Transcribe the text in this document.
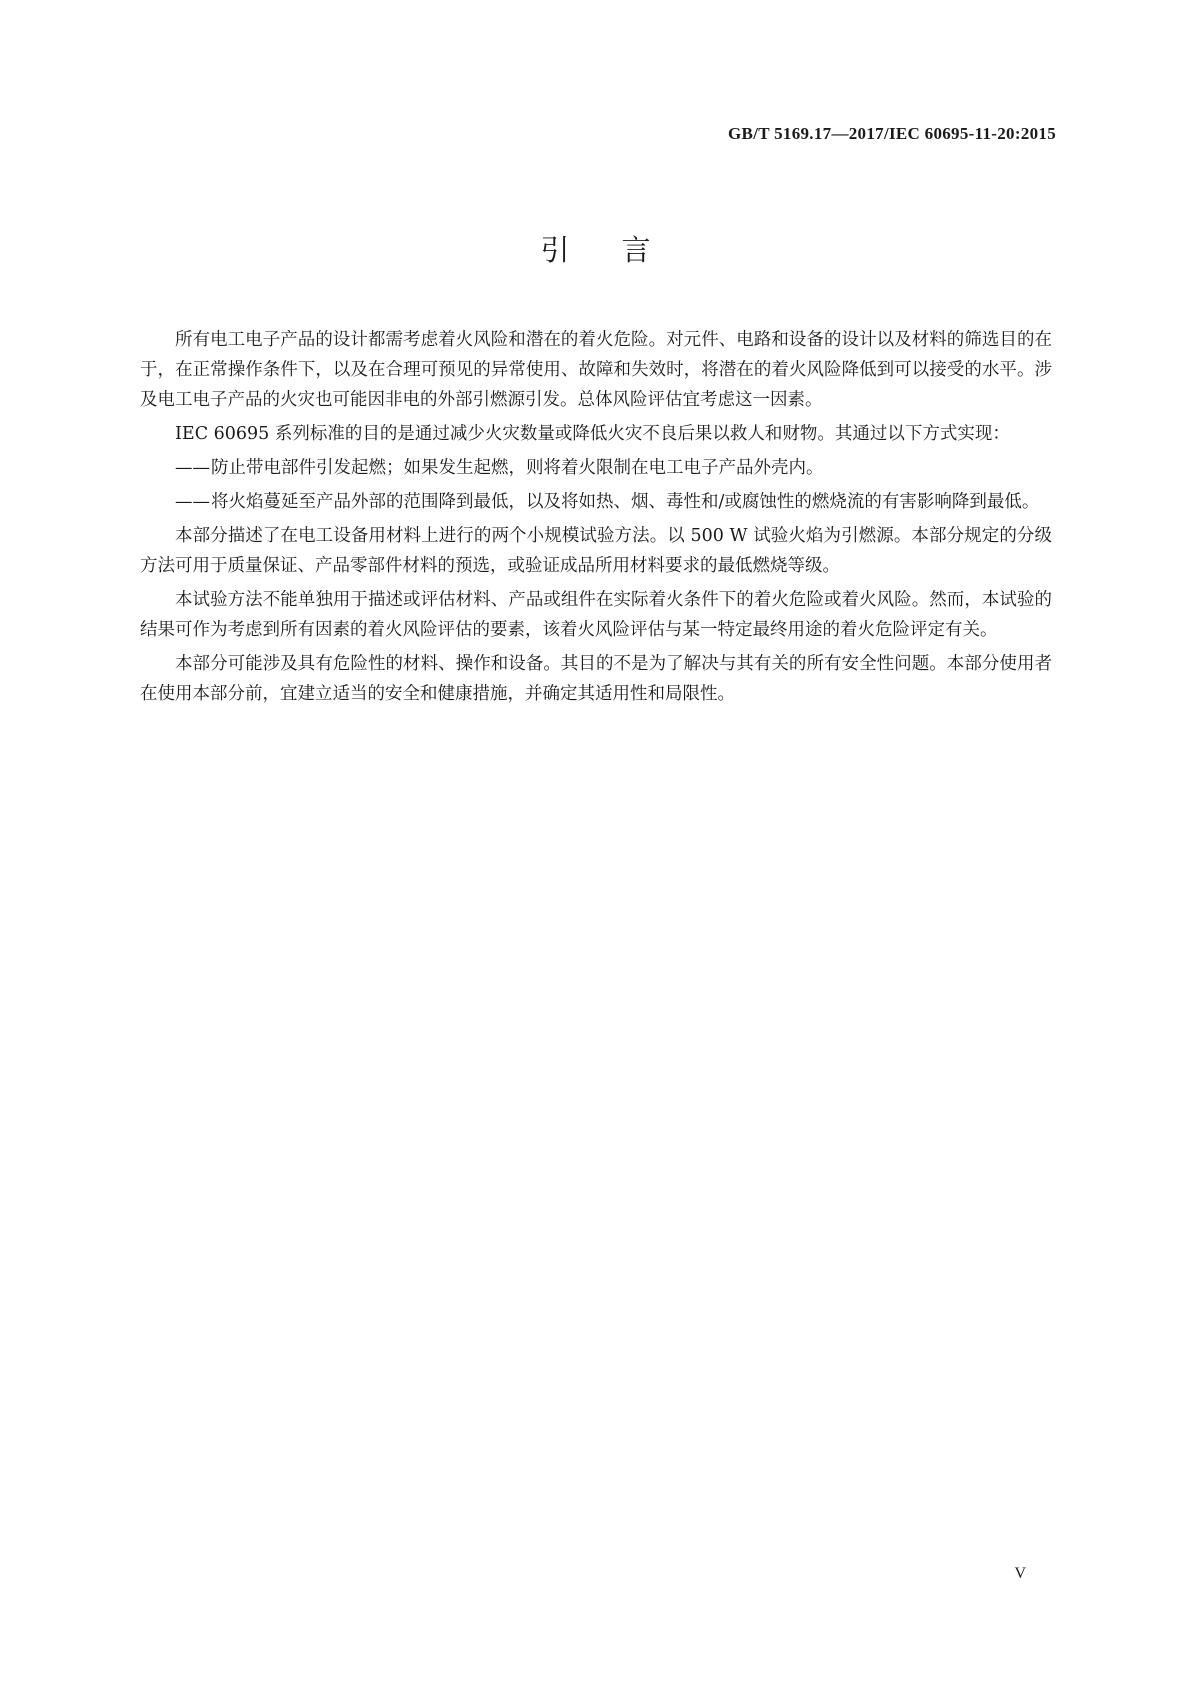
GB/T 5169.17—2017/IEC 60695-11-20:2015
引言

所有电工电子产品的设计都需考虑着火风险和潜在的着火危险。对元件、电路和设备的设计以及材料的筛选目的在于，在正常操作条件下，以及在合理可预见的异常使用、故障和失效时，将潜在的着火风险降低到可以接受的水平。涉及电工电子产品的火灾也可能因非电的外部引燃源引发。总体风险评估宜考虑这一因素。

IEC 60695 系列标准的目的是通过减少火灾数量或降低火灾不良后果以救人和财物。其通过以下方式实现：

—— 防止带电部件引发起燃；如果发生起燃，则将着火限制在电工电子产品外壳内。
—— 将火焰蔓延至产品外部的范围降到最低，以及将如热、烟、毒性和/或腐蚀性的燃烧流的有害影响降到最低。

本部分描述了在电工设备用材料上进行的两个小规模试验方法。以 500 W 试验火焰为引燃源。本部分规定的分级方法可用于质量保证、产品零部件材料的预选，或验证成品所用材料要求的最低燃烧等级。

本试验方法不能单独用于描述或评估材料、产品或组件在实际着火条件下的着火危险或着火风险。然而，本试验的结果可作为考虑到所有因素的着火风险评估的要素，该着火风险评估与某一特定最终用途的着火危险评定有关。

本部分可能涉及具有危险性的材料、操作和设备。其目的不是为了解决与其有关的所有安全性问题。本部分使用者在使用本部分前，宜建立适当的安全和健康措施，并确定其适用性和局限性。

V
